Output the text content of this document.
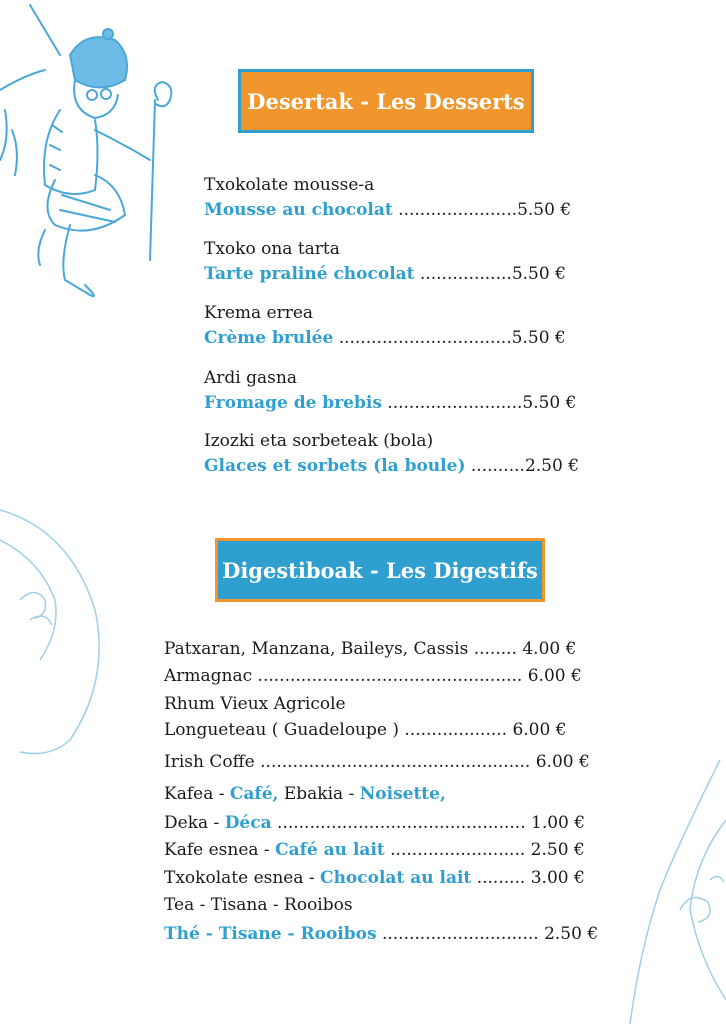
Desertak - Les Desserts
Txokolate mousse-a
Mousse au chocolat ......................5.50 €
Txoko ona tarta
Tarte praliné chocolat .................5.50 €
Krema errea
Crème brulée ................................5.50 €
Ardi gasna
Fromage de brebis .........................5.50 €
Izozki eta sorbeteak (bola)
Glaces et sorbets (la boule) ..........2.50 €
Digestiboak - Les Digestifs
Patxaran, Manzana, Baileys, Cassis ........ 4.00 €
Armagnac ................................................. 6.00 €
Rhum Vieux Agricole
Longueteau ( Guadeloupe ) ................... 6.00 €
Irish Coffe .................................................. 6.00 €
Kafea - Café, Ebakia - Noisette,
Deka - Déca .............................................. 1.00 €
Kafe esnea - Café au lait ......................... 2.50 €
Txokolate esnea - Chocolat au lait ......... 3.00 €
Tea - Tisana - Rooibos
Thé - Tisane - Rooibos ............................. 2.50 €
